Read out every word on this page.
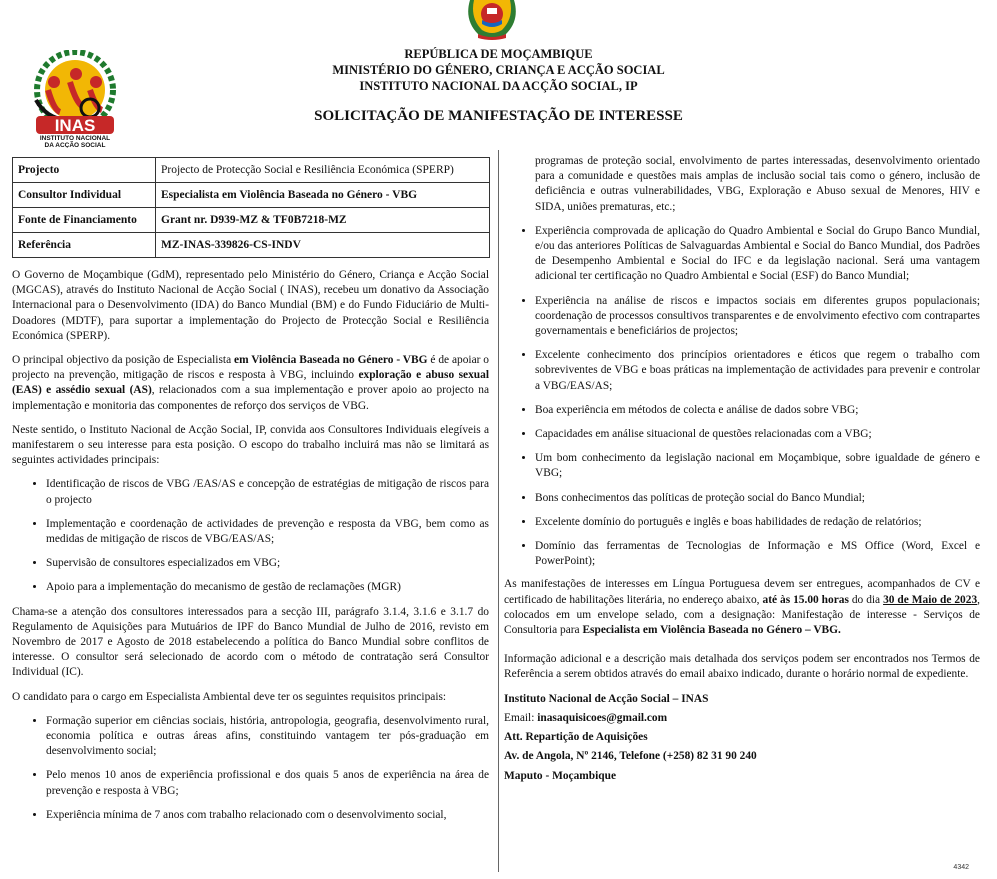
INAS
INSTITUTO NACIONAL
DA ACÇÃO SOCIAL
REPÚBLICA DE MOÇAMBIQUE
MINISTÉRIO DO GÉNERO, CRIANÇA E ACÇÃO SOCIAL
INSTITUTO NACIONAL DA ACÇÃO SOCIAL, IP
SOLICITAÇÃO DE MANIFESTAÇÃO DE INTERESSE
Projecto	Projecto de Protecção Social e Resiliência Económica (SPERP)
Consultor Individual	Especialista em Violência Baseada no Género - VBG
Fonte de Financiamento	Grant nr. D939-MZ & TF0B7218-MZ
Referência	MZ-INAS-339826-CS-INDV

O Governo de Moçambique (GdM), representado pelo Ministério do Género, Criança e Acção Social (MGCAS), através do Instituto Nacional de Acção Social ( INAS), recebeu um donativo da Associação Internacional para o Desenvolvimento (IDA) do Banco Mundial (BM) e do Fundo Fiduciário de Multi-Doadores (MDTF), para suportar a implementação do Projecto de Protecção Social e Resiliência Económica (SPERP).

O principal objectivo da posição de Especialista em Violência Baseada no Género - VBG é de apoiar o projecto na prevenção, mitigação de riscos e resposta à VBG, incluindo exploração e abuso sexual (EAS) e assédio sexual (AS), relacionados com a sua implementação e prover apoio ao projecto na implementação e monitoria das componentes de reforço dos serviços de VBG.

Neste sentido, o Instituto Nacional de Acção Social, IP, convida aos Consultores Individuais elegíveis a manifestarem o seu interesse para esta posição. O escopo do trabalho incluirá mas não se limitará as seguintes actividades principais:

• Identificação de riscos de VBG /EAS/AS e concepção de estratégias de mitigação de riscos para o projecto
• Implementação e coordenação de actividades de prevenção e resposta da VBG, bem como as medidas de mitigação de riscos de VBG/EAS/AS;
• Supervisão de consultores especializados em VBG;
• Apoio para a implementação do mecanismo de gestão de reclamações (MGR)

Chama-se a atenção dos consultores interessados para a secção III, parágrafo 3.1.4, 3.1.6 e 3.1.7 do Regulamento de Aquisições para Mutuários de IPF do Banco Mundial de Julho de 2016, revisto em Novembro de 2017 e Agosto de 2018 estabelecendo a política do Banco Mundial sobre conflitos de interesse. O consultor será selecionado de acordo com o método de contratação será Consultor Individual (IC).

O candidato para o cargo em Especialista Ambiental deve ter os seguintes requisitos principais:

• Formação superior em ciências sociais, história, antropologia, geografia, desenvolvimento rural, economia política e outras áreas afins, constituindo vantagem ter pós-graduação em desenvolvimento social;
• Pelo menos 10 anos de experiência profissional e dos quais 5 anos de experiência na área de prevenção e resposta à VBG;
• Experiência mínima de 7 anos com trabalho relacionado com o desenvolvimento social,
programas de proteção social, envolvimento de partes interessadas, desenvolvimento orientado para a comunidade e questões mais amplas de inclusão social tais como o género, inclusão de deficiência e outras vulnerabilidades, VBG, Exploração e Abuso sexual de Menores, HIV e SIDA, uniões prematuras, etc.;
• Experiência comprovada de aplicação do Quadro Ambiental e Social do Grupo Banco Mundial, e/ou das anteriores Políticas de Salvaguardas Ambiental e Social do Banco Mundial, dos Padrões de Desempenho Ambiental e Social do IFC e da legislação nacional. Será uma vantagem adicional ter certificação no Quadro Ambiental e Social (ESF) do Banco Mundial;
• Experiência na análise de riscos e impactos sociais em diferentes grupos populacionais; coordenação de processos consultivos transparentes e de envolvimento efectivo com contrapartes governamentais e beneficiários de projectos;
• Excelente conhecimento dos princípios orientadores e éticos que regem o trabalho com sobreviventes de VBG e boas práticas na implementação de actividades para prevenir e controlar a VBG/EAS/AS;
• Boa experiência em métodos de colecta e análise de dados sobre VBG;
• Capacidades em análise situacional de questões relacionadas com a VBG;
• Um bom conhecimento da legislação nacional em Moçambique, sobre igualdade de género e VBG;
• Bons conhecimentos das políticas de proteção social do Banco Mundial;
• Excelente domínio do português e inglês e boas habilidades de redação de relatórios;
• Domínio das ferramentas de Tecnologias de Informação e MS Office (Word, Excel e PowerPoint);

As manifestações de interesses em Língua Portuguesa devem ser entregues, acompanhados de CV e certificado de habilitações literária, no endereço abaixo, até às 15.00 horas do dia 30 de Maio de 2023, colocados em um envelope selado, com a designação: Manifestação de interesse - Serviços de Consultoria para Especialista em Violência Baseada no Género – VBG.

Informação adicional e a descrição mais detalhada dos serviços podem ser encontrados nos Termos de Referência a serem obtidos através do email abaixo indicado, durante o horário normal de expediente.

Instituto Nacional de Acção Social – INAS
Email: inasaquisicoes@gmail.com
Att. Repartição de Aquisições
Av. de Angola, Nº 2146, Telefone (+258) 82 31 90 240
Maputo - Moçambique
4342
